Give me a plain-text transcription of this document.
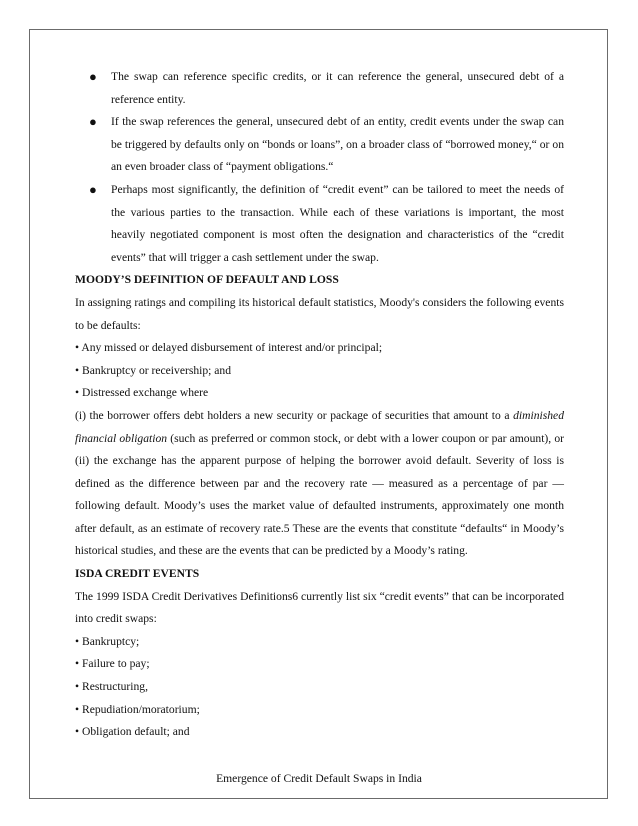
●	The swap can reference specific credits, or it can reference the general, unsecured debt of a reference entity.
●	If the swap references the general, unsecured debt of an entity, credit events under the swap can be triggered by defaults only on “bonds or loans”, on a broader class of “borrowed money,“ or on an even broader class of “payment obligations.“
●	Perhaps most significantly, the definition of “credit event” can be tailored to meet the needs of the various parties to the transaction. While each of these variations is important, the most heavily negotiated component is most often the designation and characteristics of the “credit events” that will trigger a cash settlement under the swap.
MOODY’S DEFINITION OF DEFAULT AND LOSS
In assigning ratings and compiling its historical default statistics, Moody's considers the following events to be defaults:
• Any missed or delayed disbursement of interest and/or principal;
• Bankruptcy or receivership; and
• Distressed exchange where
(i) the borrower offers debt holders a new security or package of securities that amount to a diminished financial obligation (such as preferred or common stock, or debt with a lower coupon or par amount), or (ii) the exchange has the apparent purpose of helping the borrower avoid default. Severity of loss is defined as the difference between par and the recovery rate — measured as a percentage of par — following default. Moody’s uses the market value of defaulted instruments, approximately one month after default, as an estimate of recovery rate.5 These are the events that constitute “defaults“ in Moody’s historical studies, and these are the events that can be predicted by a Moody’s rating.
ISDA CREDIT EVENTS
The 1999 ISDA Credit Derivatives Definitions6 currently list six “credit events” that can be incorporated into credit swaps:
• Bankruptcy;
• Failure to pay;
• Restructuring,
• Repudiation/moratorium;
• Obligation default; and
Emergence of Credit Default Swaps in India
